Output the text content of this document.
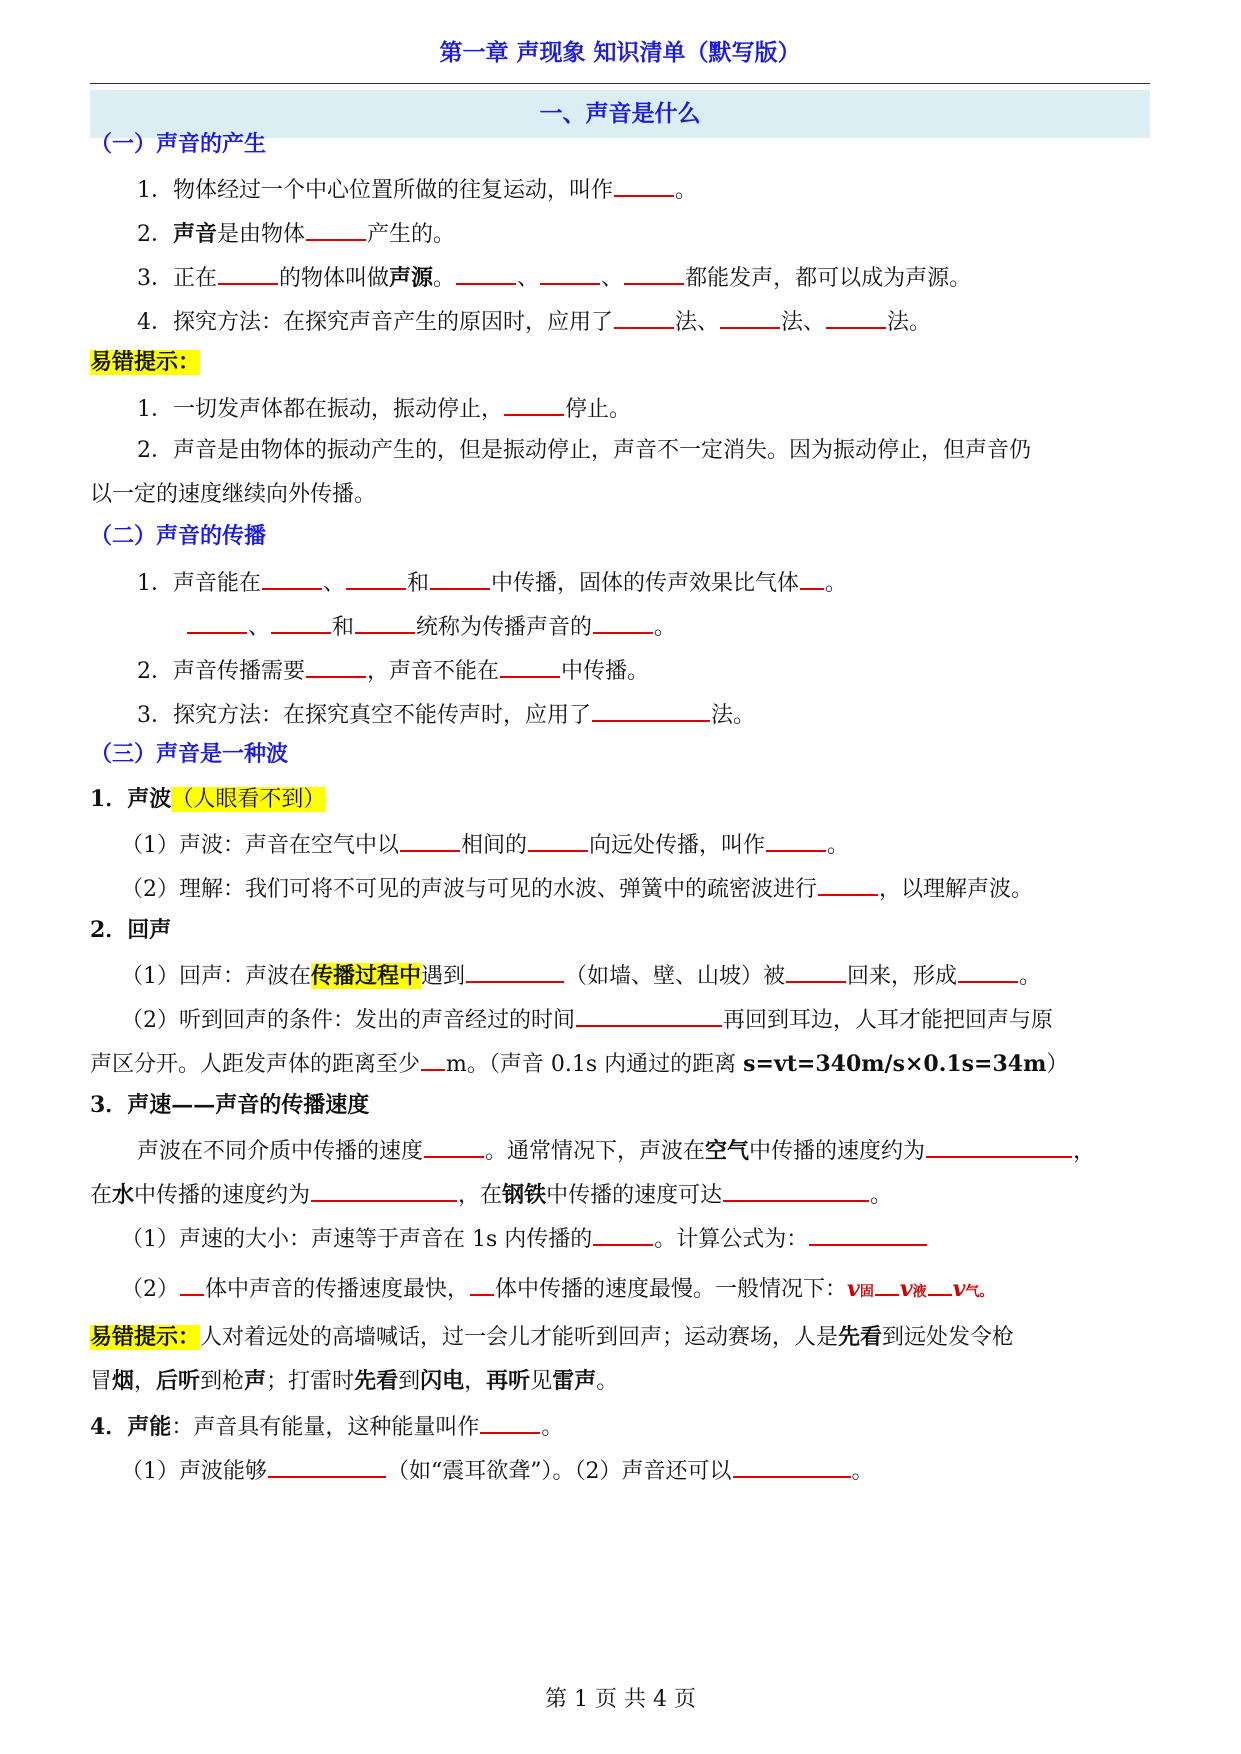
第一章 声现象 知识清单（默写版）
一、声音是什么
（一）声音的产生
1．物体经过一个中心位置所做的往复运动，叫作	。
2．声音是由物体	产生的。
3．正在	的物体叫做声源。	、	、	都能发声，都可以成为声源。
4．探究方法：在探究声音产生的原因时，应用了	法、	法、	法。
易错提示：
1．一切发声体都在振动，振动停止，	停止。
2．声音是由物体的振动产生的，但是振动停止，声音不一定消失。因为振动停止，但声音仍
以一定的速度继续向外传播。
（二）声音的传播
1．声音能在	、	和	中传播，固体的传声效果比气体 。
、	和	统称为传播声音的	。
2．声音传播需要	，声音不能在	中传播。
3．探究方法：在探究真空不能传声时，应用了	法。
（三）声音是一种波
1．声波（人眼看不到）
（1）声波：声音在空气中以	相间的	向远处传播，叫作	。
（2）理解：我们可将不可见的声波与可见的水波、弹簧中的疏密波进行	，以理解声波。
2．回声
（1）回声：声波在传播过程中遇到	（如墙、壁、山坡）被	回来，形成	。
（2）听到回声的条件：发出的声音经过的时间	再回到耳边，人耳才能把回声与原
声区分开。人距发声体的距离至少 m。（声音 0.1s 内通过的距离 s=vt=340m/s×0.1s=34m）
3．声速——声音的传播速度
声波在不同介质中传播的速度	。通常情况下，声波在空气中传播的速度约为	，
在水中传播的速度约为	，在钢铁中传播的速度可达	。
（1）声速的大小：声速等于声音在 1s 内传播的	。计算公式为：
（2） 体中声音的传播速度最快， 体中传播的速度最慢。一般情况下：v固 v液 v气。
易错提示：人对着远处的高墙喊话，过一会儿才能听到回声；运动赛场，人是先看到远处发令枪
冒烟，后听到枪声；打雷时先看到闪电，再听见雷声。
4．声能：声音具有能量，这种能量叫作	。
（1）声波能够	（如“震耳欲聋”）。（2）声音还可以	。
第 1 页 共 4 页
